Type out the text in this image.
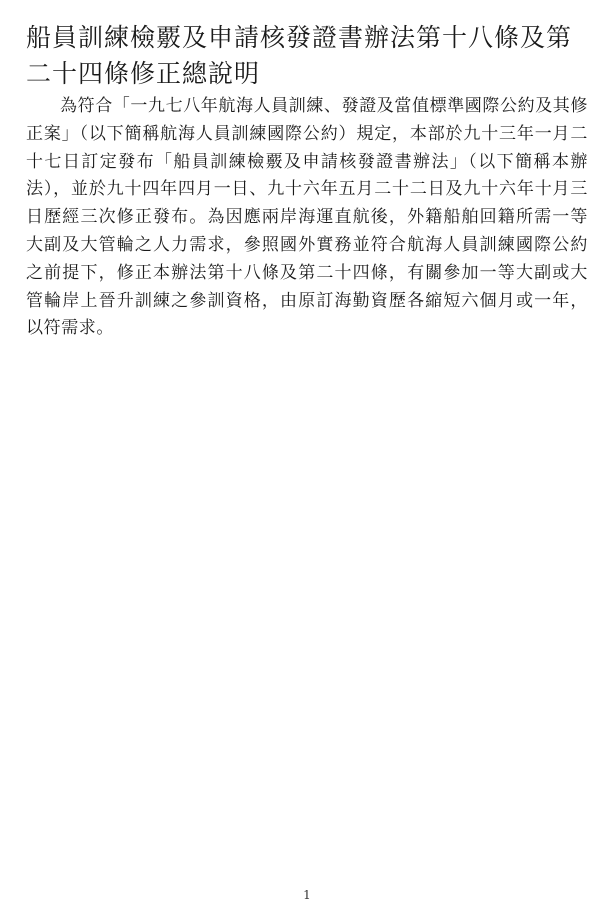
船員訓練檢覈及申請核發證書辦法第十八條及第二十四條修正總說明

為符合「一九七八年航海人員訓練、發證及當值標準國際公約及其修正案」（以下簡稱航海人員訓練國際公約）規定，本部於九十三年一月二十七日訂定發布「船員訓練檢覈及申請核發證書辦法」（以下簡稱本辦法），並於九十四年四月一日、九十六年五月二十二日及九十六年十月三日歷經三次修正發布。為因應兩岸海運直航後，外籍船舶回籍所需一等大副及大管輪之人力需求，參照國外實務並符合航海人員訓練國際公約之前提下，修正本辦法第十八條及第二十四條，有關參加一等大副或大管輪岸上晉升訓練之參訓資格，由原訂海勤資歷各縮短六個月或一年，以符需求。

1
